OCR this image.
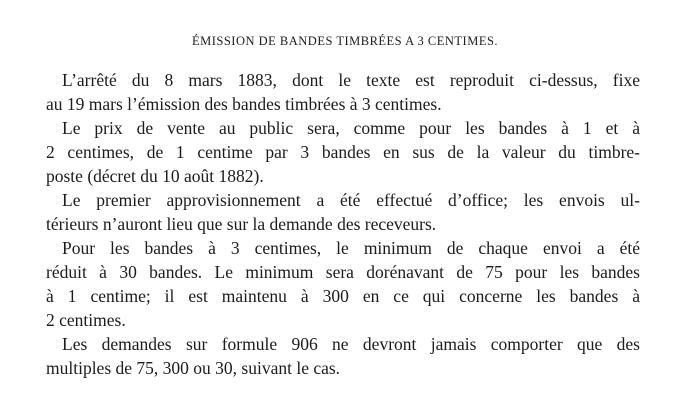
ÉMISSION DE BANDES TIMBRÉES A 3 CENTIMES.
L’arrêté du 8 mars 1883, dont le texte est reproduit ci-dessus, fixe
au 19 mars l’émission des bandes timbrées à 3 centimes.
Le prix de vente au public sera, comme pour les bandes à 1 et à
2 centimes, de 1 centime par 3 bandes en sus de la valeur du timbre-
poste (décret du 10 août 1882).
Le premier approvisionnement a été effectué d’office; les envois ul-
térieurs n’auront lieu que sur la demande des receveurs.
Pour les bandes à 3 centimes, le minimum de chaque envoi a été
réduit à 30 bandes. Le minimum sera dorénavant de 75 pour les bandes
à 1 centime; il est maintenu à 300 en ce qui concerne les bandes à
2 centimes.
Les demandes sur formule 906 ne devront jamais comporter que des
multiples de 75, 300 ou 30, suivant le cas.
